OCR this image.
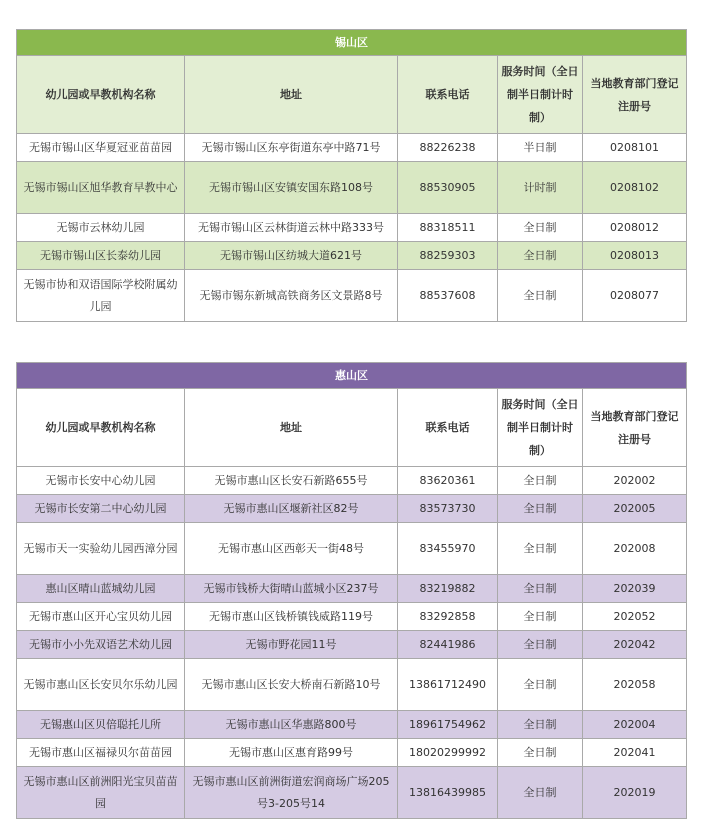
锡山区				
幼儿园或早教机构名称	地址	联系电话	服务时间（全日制半日制计时制）	当地教育部门登记注册号
无锡市锡山区华夏冠亚苗苗园	无锡市锡山区东亭街道东亭中路71号	88226238	半日制	0208101
无锡市锡山区旭华教育早教中心	无锡市锡山区安镇安国东路108号	88530905	计时制	0208102
无锡市云林幼儿园	无锡市锡山区云林街道云林中路333号	88318511	全日制	0208012
无锡市锡山区长泰幼儿园	无锡市锡山区纺城大道621号	88259303	全日制	0208013
无锡市协和双语国际学校附属幼儿园	无锡市锡东新城高铁商务区文景路8号	88537608	全日制	0208077
惠山区				
幼儿园或早教机构名称	地址	联系电话	服务时间（全日制半日制计时制）	当地教育部门登记注册号
无锡市长安中心幼儿园	无锡市惠山区长安石新路655号	83620361	全日制	202002
无锡市长安第二中心幼儿园	无锡市惠山区堰新社区82号	83573730	全日制	202005
无锡市天一实验幼儿园西漳分园	无锡市惠山区西彰天一街48号	83455970	全日制	202008
惠山区晴山蓝城幼儿园	无锡市钱桥大街晴山蓝城小区237号	83219882	全日制	202039
无锡市惠山区开心宝贝幼儿园	无锡市惠山区钱桥镇钱威路119号	83292858	全日制	202052
无锡市小小先双语艺术幼儿园	无锡市野花园11号	82441986	全日制	202042
无锡市惠山区长安贝尔乐幼儿园	无锡市惠山区长安大桥南石新路10号	13861712490	全日制	202058
无锡惠山区贝倍聪托儿所	无锡市惠山区华惠路800号	18961754962	全日制	202004
无锡市惠山区福禄贝尔苗苗园	无锡市惠山区惠育路99号	18020299992	全日制	202041
无锡市惠山区前洲阳光宝贝苗苗园	无锡市惠山区前洲街道宏润商场广场205号3-205号14	13816439985	全日制	202019
